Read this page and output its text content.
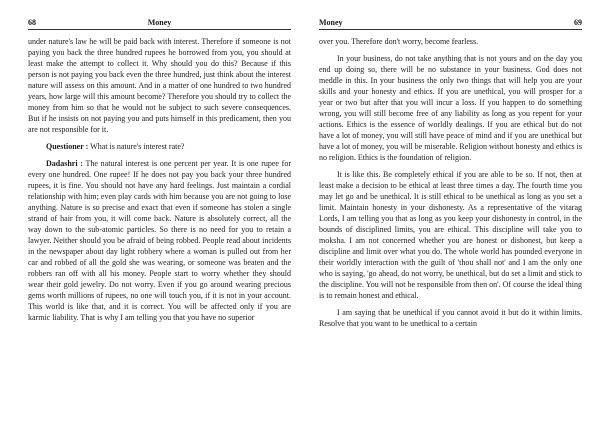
68	Money

under nature's law he will be paid back with interest. Therefore if someone is not paying you back the three hundred rupees he borrowed from you, you should at least make the attempt to collect it. Why should you do this? Because if this person is not paying you back even the three hundred, just think about the interest nature will assess on this amount. And in a matter of one hundred to two hundred years, how large will this amount become? Therefore you should try to collect the money from him so that he would not be subject to such severe consequences. But if he insists on not paying you and puts himself in this predicament, then you are not responsible for it.

Questioner : What is nature's interest rate?

Dadashri : The natural interest is one percent per year. It is one rupee for every one hundred. One rupee! If he does not pay you back your three hundred rupees, it is fine. You should not have any hard feelings. Just maintain a cordial relationship with him; even play cards with him because you are not going to lose anything. Nature is so precise and exact that even if someone has stolen a single strand of hair from you, it will come back. Nature is absolutely correct, all the way down to the sub-atomic particles. So there is no need for you to retain a lawyer. Neither should you be afraid of being robbed. People read about incidents in the newspaper about day light robbery where a woman is pulled out from her car and robbed of all the gold she was wearing, or someone was beaten and the robbers ran off with all his money. People start to worry whether they should wear their gold jewelry. Do not worry. Even if you go around wearing precious gems worth millions of rupees, no one will touch you, if it is not in your account. This world is like that, and it is correct. You will be affected only if you are karmic liability. That is why I am telling you that you have no superior

Money	69

over you. Therefore don't worry, become fearless.

In your business, do not take anything that is not yours and on the day you end up doing so, there will be no substance in your business. God does not meddle in this. In your business the only two things that will help you are your skills and your honesty and ethics. If you are unethical, you will prosper for a year or two but after that you will incur a loss. If you happen to do something wrong, you will still become free of any liability as long as you repent for your actions. Ethics is the essence of worldly dealings. If you are ethical but do not have a lot of money, you will still have peace of mind and if you are unethical but have a lot of money, you will be miserable. Religion without honesty and ethics is no religion. Ethics is the foundation of religion.

It is like this. Be completely ethical if you are able to be so. If not, then at least make a decision to be ethical at least three times a day. The fourth time you may let go and be unethical. It is still ethical to be unethical as long as you set a limit. Maintain honesty in your dishonesty. As a representative of the vitarag Lords, I am telling you that as long as you keep your dishonesty in control, in the bounds of disciplined limits, you are ethical. This discipline will take you to moksha. I am not concerned whether you are honest or dishonest, but keep a discipline and limit over what you do. The whole world has pounded everyone in their worldly interaction with the guilt of 'thou shall not' and I am the only one who is saying, 'go ahead, do not worry, be unethical, but do set a limit and stick to the discipline. You will not be responsible from then on'. Of course the ideal thing is to remain honest and ethical.

I am saying that be unethical if you cannot avoid it but do it within limits. Resolve that you want to be unethical to a certain
